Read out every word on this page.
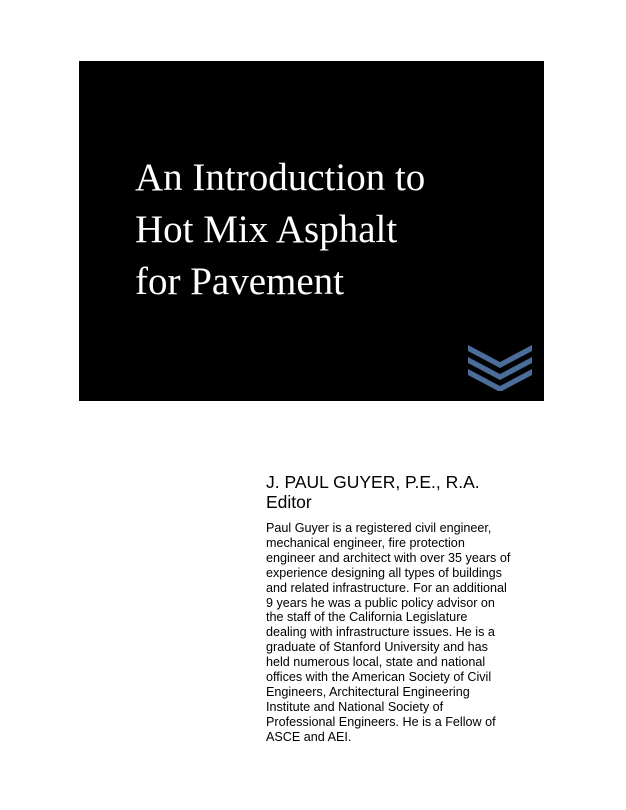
An Introduction to
Hot Mix Asphalt
for Pavement
J. PAUL GUYER, P.E., R.A.
Editor
Paul Guyer is a registered civil engineer,
mechanical engineer, fire protection
engineer and architect with over 35 years of
experience designing all types of buildings
and related infrastructure. For an additional
9 years he was a public policy advisor on
the staff of the California Legislature
dealing with infrastructure issues. He is a
graduate of Stanford University and has
held numerous local, state and national
offices with the American Society of Civil
Engineers, Architectural Engineering
Institute and National Society of
Professional Engineers. He is a Fellow of
ASCE and AEI.
